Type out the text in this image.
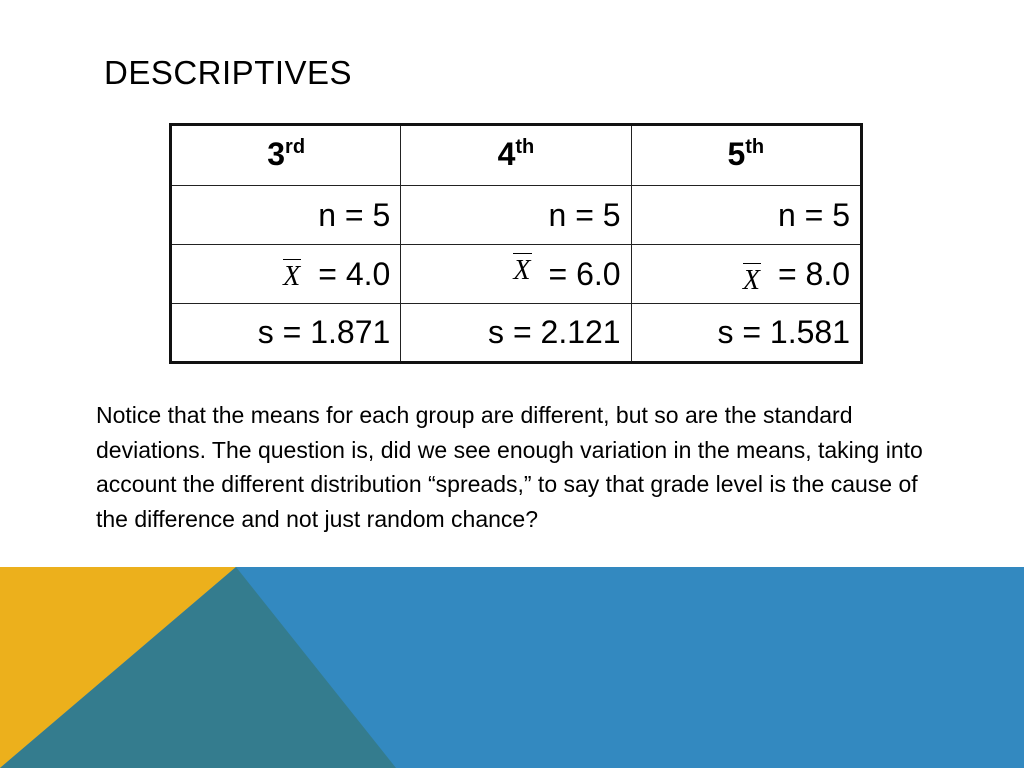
DESCRIPTIVES
3rd	4th	5th
n = 5	n = 5	n = 5
X = 4.0	X = 6.0	X = 8.0
s = 1.871	s = 2.121	s = 1.581
Notice that the means for each group are different, but so are the standard deviations. The question is, did we see enough variation in the means, taking into account the different distribution “spreads,” to say that grade level is the cause of the difference and not just random chance?
